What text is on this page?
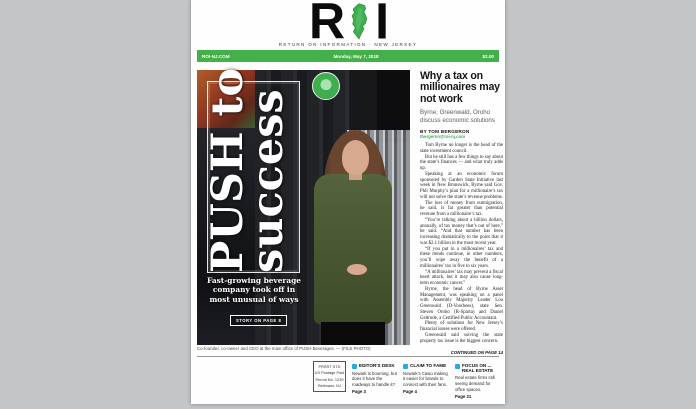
R I
RETURN ON INFORMATION · NEW JERSEY
ROI-NJ.COM	Monday, May 7, 2018	$2.00
PUSH to
success
Fast-growing beverage company took off in most unusual of ways
STORY ON PAGE 8
Co-founder, co-owner and CEO at the main office of PUSH Beverages. — (FILE PHOTO)
Why a tax on millionaires may not work
Byrne, Greenwald, Oroho discuss economic solutions
BY TOM BERGERON
tbergeron@roi-nj.com
Tom Byrne no longer is the head of the state investment council.
But he still has a few things to say about the state’s finances — and what truly adds up.
Speaking at an economic forum sponsored by Garden State Initiative last week in New Brunswick, Byrne said Gov. Phil Murphy’s plan for a millionaire’s tax will not solve the state’s revenue problems.
The loss of money from outmigration, he said, is far greater than potential revenue from a millionaire’s tax.
“You’re talking about a billion dollars, annually, of tax money that’s out of here,” he said. “And that number has been increasing dramatically to the point that it was $2.1 billion in the most recent year.
“If you put in a millionaires’ tax and these trends continue, in other numbers, you’ll wipe away the benefit of a millionaires’ tax in five to six years.
“A millionaires’ tax may prevent a fiscal heart attack, but it may also cause long-term economic cancer.”
Byrne, the head of Byrne Asset Management, was speaking on a panel with Assembly Majority Leader Lou Greenwald (D-Voorhees), state Sen. Steven Oroho (R-Sparta) and Daniel Geltrude, a Certified Public Accountant.
Plenty of solutions for New Jersey’s financial issues were offered.
Greenwald said solving the state property tax issue is the biggest concern.
CONTINUED ON PAGE 14
PRSRT STD
US Postage Paid
Permit No. 1239
Bellmawr, NJ
EDITOR’S DESK
Newark is booming, but does it have the roadways to handle it?
Page 3
CLAIM TO FAME
Newark’s Casio making it easier for brands to connect with their fans.
Page 4
FOCUS ON ...
REAL ESTATE
Real estate firms still seeing demand for office spaces.
Page 21
